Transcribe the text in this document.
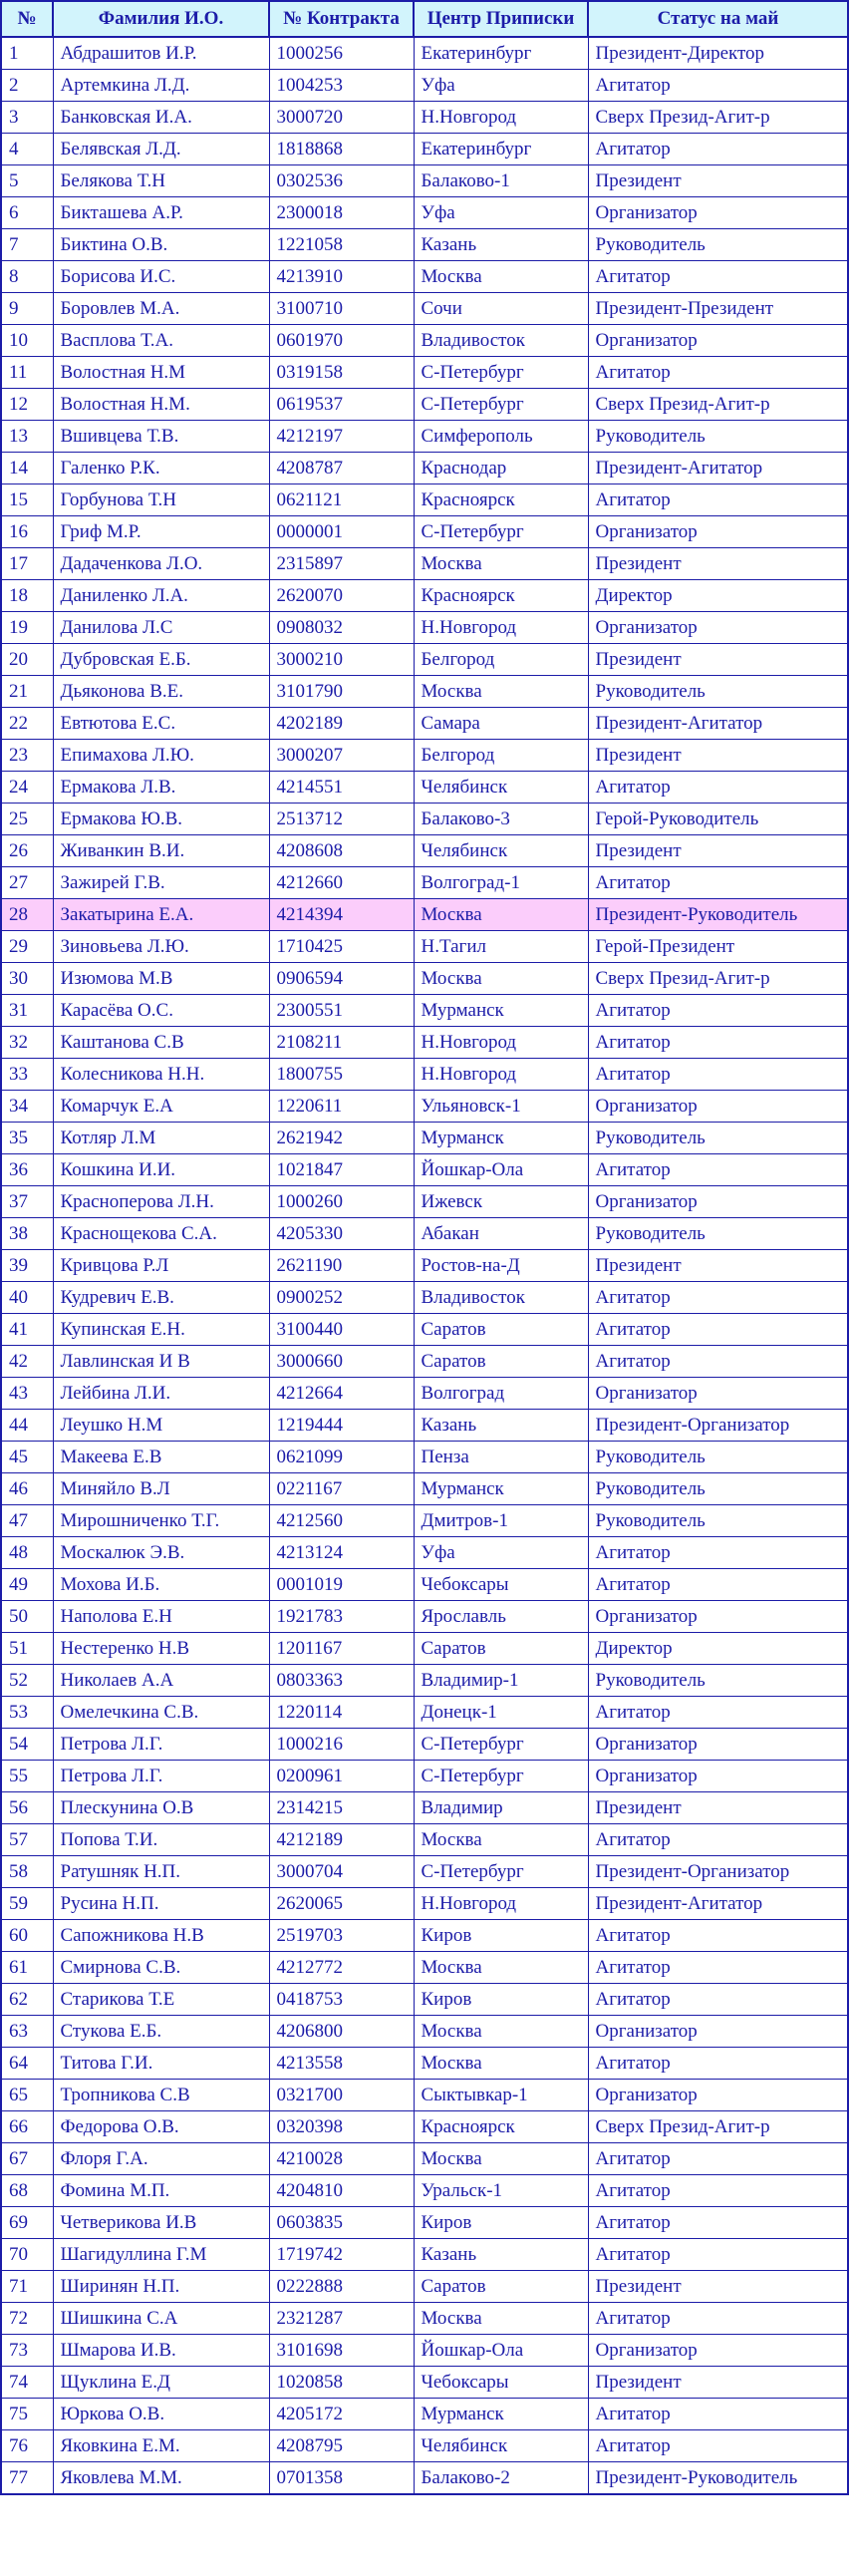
№	Фамилия И.О.	№ Контракта	Центр Приписки	Статус на май
1	Абдрашитов И.Р.	1000256	Екатеринбург	Президент-Директор
2	Артемкина Л.Д.	1004253	Уфа	Агитатор
3	Банковская И.А.	3000720	Н.Новгород	Сверх Презид-Агит-р
4	Белявская Л.Д.	1818868	Екатеринбург	Агитатор
5	Белякова Т.Н	0302536	Балаково-1	Президент
6	Бикташева А.Р.	2300018	Уфа	Организатор
7	Биктина О.В.	1221058	Казань	Руководитель
8	Борисова И.С.	4213910	Москва	Агитатор
9	Боровлев М.А.	3100710	Сочи	Президент-Президент
10	Васплова Т.А.	0601970	Владивосток	Организатор
11	Волостная Н.М	0319158	С-Петербург	Агитатор
12	Волостная Н.М.	0619537	С-Петербург	Сверх Презид-Агит-р
13	Вшивцева Т.В.	4212197	Симферополь	Руководитель
14	Галенко Р.К.	4208787	Краснодар	Президент-Агитатор
15	Горбунова Т.Н	0621121	Красноярск	Агитатор
16	Гриф М.Р.	0000001	С-Петербург	Организатор
17	Дадаченкова Л.О.	2315897	Москва	Президент
18	Даниленко Л.А.	2620070	Красноярск	Директор
19	Данилова Л.С	0908032	Н.Новгород	Организатор
20	Дубровская Е.Б.	3000210	Белгород	Президент
21	Дьяконова В.Е.	3101790	Москва	Руководитель
22	Евтютова Е.С.	4202189	Самара	Президент-Агитатор
23	Епимахова Л.Ю.	3000207	Белгород	Президент
24	Ермакова Л.В.	4214551	Челябинск	Агитатор
25	Ермакова Ю.В.	2513712	Балаково-3	Герой-Руководитель
26	Живанкин В.И.	4208608	Челябинск	Президент
27	Зажирей Г.В.	4212660	Волгоград-1	Агитатор
28	Закатырина Е.А.	4214394	Москва	Президент-Руководитель
29	Зиновьева Л.Ю.	1710425	Н.Тагил	Герой-Президент
30	Изюмова М.В	0906594	Москва	Сверх Презид-Агит-р
31	Карасёва О.С.	2300551	Мурманск	Агитатор
32	Каштанова С.В	2108211	Н.Новгород	Агитатор
33	Колесникова Н.Н.	1800755	Н.Новгород	Агитатор
34	Комарчук Е.А	1220611	Ульяновск-1	Организатор
35	Котляр Л.М	2621942	Мурманск	Руководитель
36	Кошкина И.И.	1021847	Йошкар-Ола	Агитатор
37	Красноперова Л.Н.	1000260	Ижевск	Организатор
38	Краснощекова С.А.	4205330	Абакан	Руководитель
39	Кривцова Р.Л	2621190	Ростов-на-Д	Президент
40	Кудревич Е.В.	0900252	Владивосток	Агитатор
41	Купинская Е.Н.	3100440	Саратов	Агитатор
42	Лавлинская И В	3000660	Саратов	Агитатор
43	Лейбина Л.И.	4212664	Волгоград	Организатор
44	Леушко Н.М	1219444	Казань	Президент-Организатор
45	Макеева Е.В	0621099	Пенза	Руководитель
46	Миняйло В.Л	0221167	Мурманск	Руководитель
47	Мирошниченко Т.Г.	4212560	Дмитров-1	Руководитель
48	Москалюк Э.В.	4213124	Уфа	Агитатор
49	Мохова И.Б.	0001019	Чебоксары	Агитатор
50	Наполова Е.Н	1921783	Ярославль	Организатор
51	Нестеренко Н.В	1201167	Саратов	Директор
52	Николаев А.А	0803363	Владимир-1	Руководитель
53	Омелечкина С.В.	1220114	Донецк-1	Агитатор
54	Петрова Л.Г.	1000216	С-Петербург	Организатор
55	Петрова Л.Г.	0200961	С-Петербург	Организатор
56	Плескунина О.В	2314215	Владимир	Президент
57	Попова Т.И.	4212189	Москва	Агитатор
58	Ратушняк Н.П.	3000704	С-Петербург	Президент-Организатор
59	Русина Н.П.	2620065	Н.Новгород	Президент-Агитатор
60	Сапожникова Н.В	2519703	Киров	Агитатор
61	Смирнова С.В.	4212772	Москва	Агитатор
62	Старикова Т.Е	0418753	Киров	Агитатор
63	Стукова Е.Б.	4206800	Москва	Организатор
64	Титова Г.И.	4213558	Москва	Агитатор
65	Тропникова С.В	0321700	Сыктывкар-1	Организатор
66	Федорова О.В.	0320398	Красноярск	Сверх Презид-Агит-р
67	Флоря Г.А.	4210028	Москва	Агитатор
68	Фомина М.П.	4204810	Уральск-1	Агитатор
69	Четверикова И.В	0603835	Киров	Агитатор
70	Шагидуллина Г.М	1719742	Казань	Агитатор
71	Ширинян Н.П.	0222888	Саратов	Президент
72	Шишкина С.А	2321287	Москва	Агитатор
73	Шмарова И.В.	3101698	Йошкар-Ола	Организатор
74	Щуклина Е.Д	1020858	Чебоксары	Президент
75	Юркова О.В.	4205172	Мурманск	Агитатор
76	Яковкина Е.М.	4208795	Челябинск	Агитатор
77	Яковлева М.М.	0701358	Балаково-2	Президент-Руководитель
